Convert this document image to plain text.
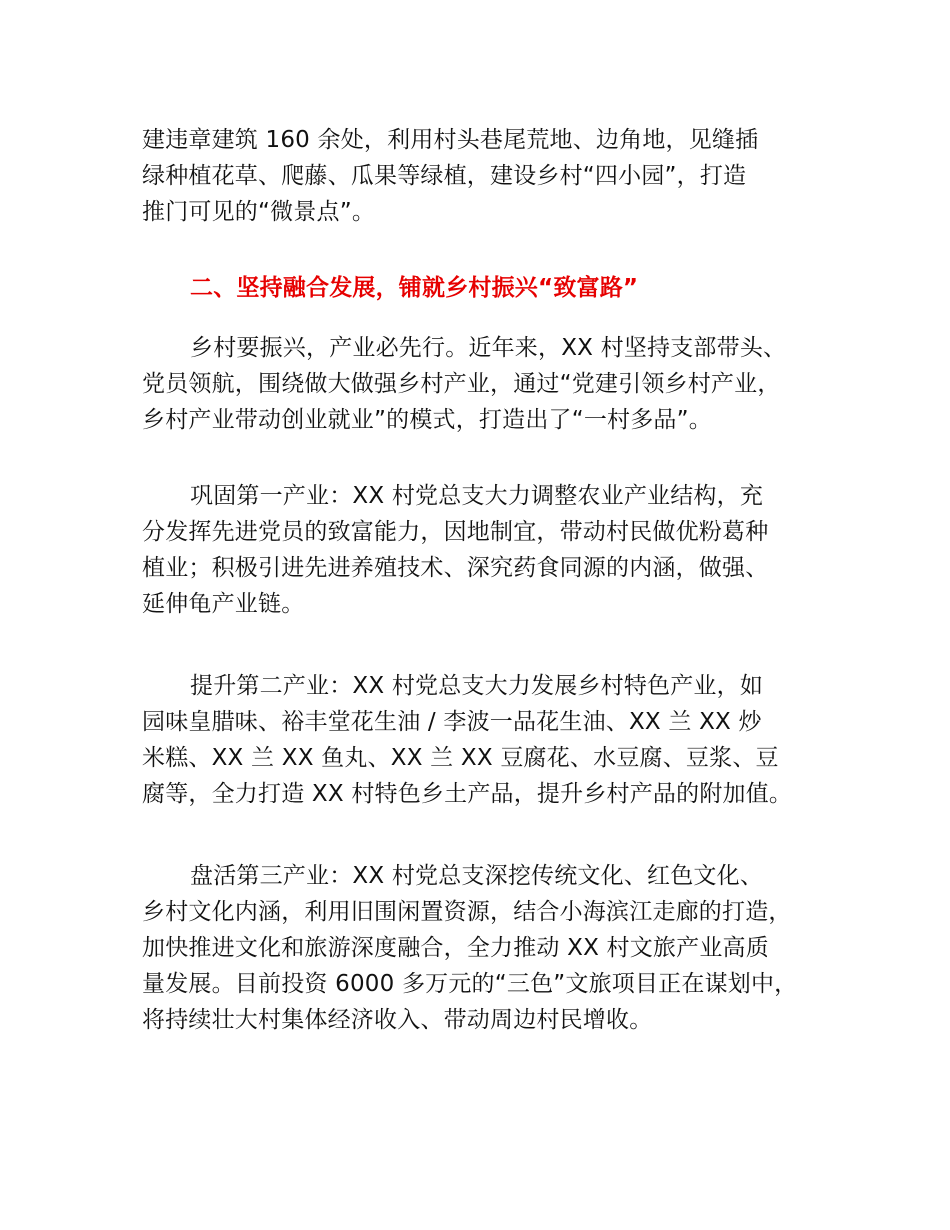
建违章建筑 160 余处，利用村头巷尾荒地、边角地，见缝插
绿种植花草、爬藤、瓜果等绿植，建设乡村“四小园”，打造
推门可见的“微景点”。
二、坚持融合发展，铺就乡村振兴“致富路”
乡村要振兴，产业必先行。近年来，XX 村坚持支部带头、
党员领航，围绕做大做强乡村产业，通过“党建引领乡村产业，
乡村产业带动创业就业”的模式，打造出了“一村多品”。
巩固第一产业：XX 村党总支大力调整农业产业结构，充
分发挥先进党员的致富能力，因地制宜，带动村民做优粉葛种
植业；积极引进先进养殖技术、深究药食同源的内涵，做强、
延伸龟产业链。
提升第二产业：XX 村党总支大力发展乡村特色产业，如
园味皇腊味、裕丰堂花生油 / 李波一品花生油、XX 兰 XX 炒
米糕、XX 兰 XX 鱼丸、XX 兰 XX 豆腐花、水豆腐、豆浆、豆
腐等，全力打造 XX 村特色乡土产品，提升乡村产品的附加值。
盘活第三产业：XX 村党总支深挖传统文化、红色文化、
乡村文化内涵，利用旧围闲置资源，结合小海滨江走廊的打造，
加快推进文化和旅游深度融合，全力推动 XX 村文旅产业高质
量发展。目前投资 6000 多万元的“三色”文旅项目正在谋划中，
将持续壮大村集体经济收入、带动周边村民增收。
